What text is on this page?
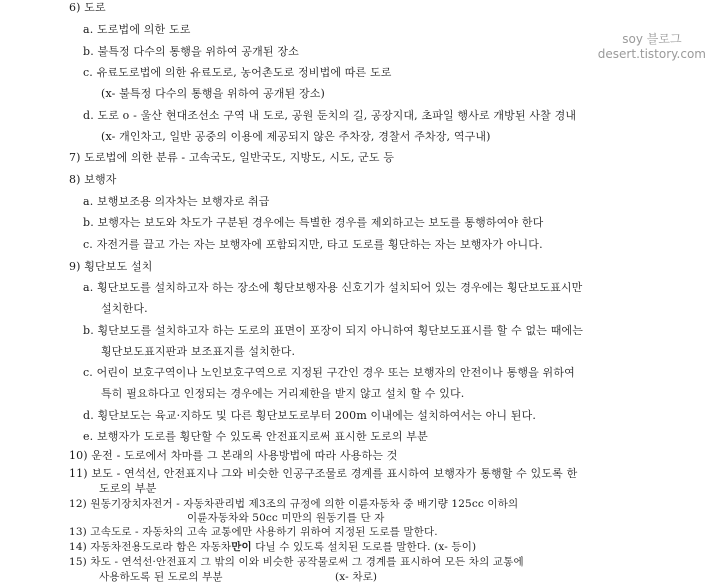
soy 블로그
desert.tistory.com
6) 도로
a. 도로법에 의한 도로
b. 불특정 다수의 통행을 위하여 공개된 장소
c. 유료도로법에 의한 유료도로, 농어촌도로 정비법에 따른 도로
(x- 불특정 다수의 통행을 위하여 공개된 장소)
d. 도로 o - 울산 현대조선소 구역 내 도로, 공원 둔치의 길, 공장지대, 초파일 행사로 개방된 사찰 경내
(x- 개인차고, 일반 공중의 이용에 제공되지 않은 주차장, 경찰서 주차장, 역구내)
7) 도로법에 의한 분류 - 고속국도, 일반국도, 지방도, 시도, 군도 등
8) 보행자
a. 보행보조용 의자차는 보행자로 취급
b. 보행자는 보도와 차도가 구분된 경우에는 특별한 경우를 제외하고는 보도를 통행하여야 한다
c. 자전거를 끌고 가는 자는 보행자에 포함되지만, 타고 도로를 횡단하는 자는 보행자가 아니다.
9) 횡단보도 설치
a. 횡단보도를 설치하고자 하는 장소에 횡단보행자용 신호기가 설치되어 있는 경우에는 횡단보도표시만
설치한다.
b. 횡단보도를 설치하고자 하는 도로의 표면이 포장이 되지 아니하여 횡단보도표시를 할 수 없는 때에는
횡단보도표지판과 보조표지를 설치한다.
c. 어린이 보호구역이나 노인보호구역으로 지정된 구간인 경우 또는 보행자의 안전이나 통행을 위하여
특히 필요하다고 인정되는 경우에는 거리제한을 받지 않고 설치 할 수 있다.
d. 횡단보도는 육교·지하도 및 다른 횡단보도로부터 200m 이내에는 설치하여서는 아니 된다.
e. 보행자가 도로를 횡단할 수 있도록 안전표지로써 표시한 도로의 부분
10) 운전 - 도로에서 차마를 그 본래의 사용방법에 따라 사용하는 것
11) 보도 - 연석선, 안전표지나 그와 비슷한 인공구조물로 경계를 표시하여 보행자가 통행할 수 있도록 한
도로의 부분
12) 원동기장치자전거 - 자동차관리법 제3조의 규정에 의한 이륜자동차 중 배기량 125cc 이하의
이륜자동차와 50cc 미만의 원동기를 단 자
13) 고속도로 - 자동차의 고속 교통에만 사용하기 위하여 지정된 도로를 말한다.
14) 자동차전용도로라 함은 자동차만이 다닐 수 있도록 설치된 도로를 말한다. (x- 등이)
15) 차도 - 연석선·안전표지 그 밖의 이와 비슷한 공작물로써 그 경계를 표시하여 모든 차의 교통에
사용하도록 된 도로의 부분	(x- 차로)
